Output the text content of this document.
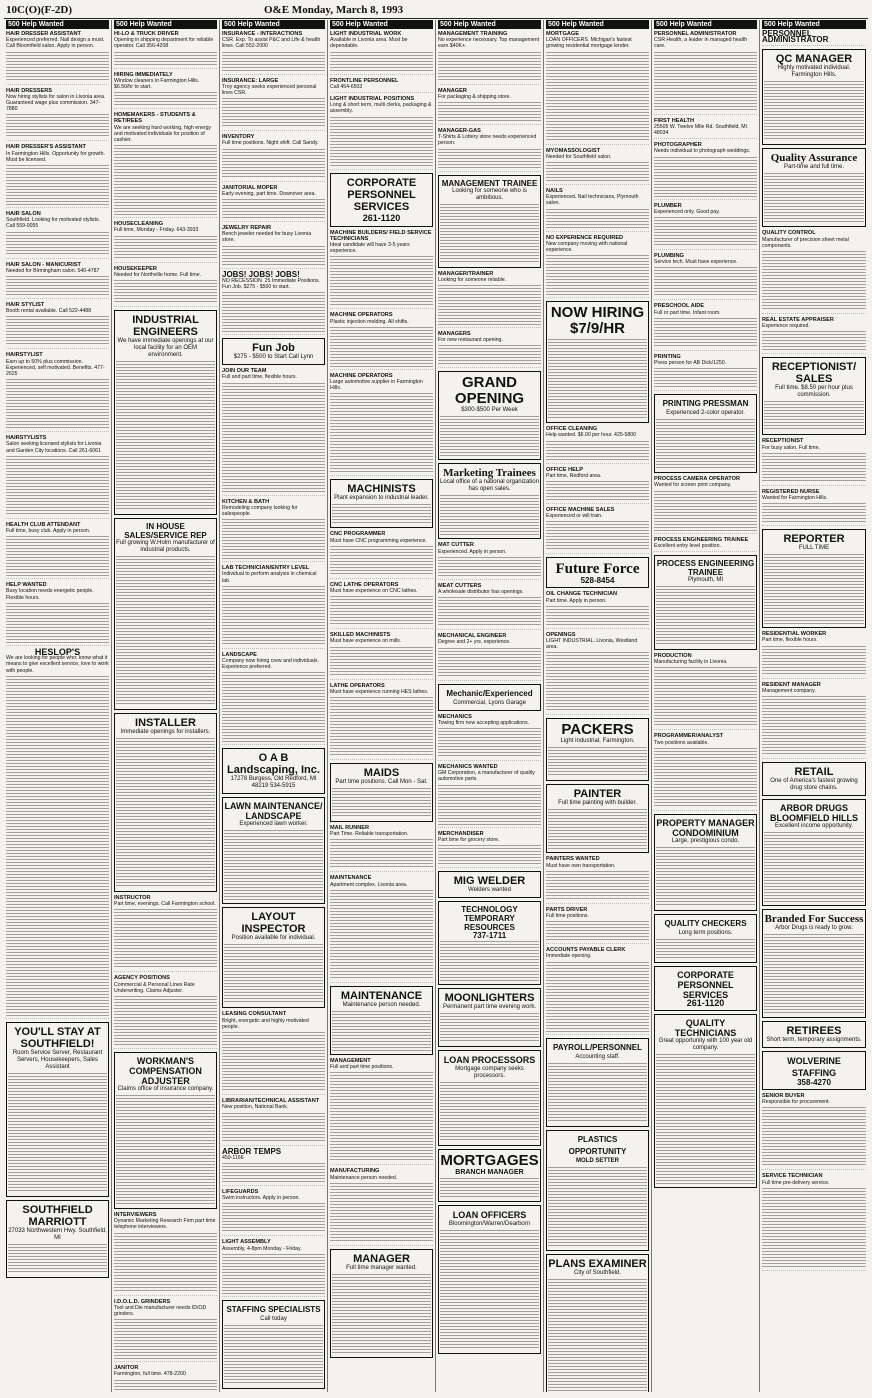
10C(O)(F-2D)	O&E Monday, March 8, 1993
500 Help Wanted
HAIR DRESSER ASSISTANT
Experienced preferred. Nail design a must. Call Bloomfield salon. Apply in person.
HAIR DRESSERS
Now hiring stylists for salon in Livonia area. Guaranteed wage plus commission. 347-7880
HAIR DRESSER'S ASSISTANT
In Farmington Hills. Opportunity for growth. Must be licensed.
HAIR SALON
Southfield. Looking for motivated stylists. Call 559-0055
HAIR SALON - MANICURIST
Needed for Birmingham salon. 540-4787
HAIR STYLIST
Booth rental available. Call 522-4488
HAIRSTYLIST
Earn up to 50% plus commission. Experienced, self motivated. Benefits. 477-2625
HAIRSTYLISTS
Salon seeking licensed stylists for Livonia and Garden City locations. Call 261-6061
HEALTH CLUB ATTENDANT
Full time, busy club. Apply in person.
HELP WANTED
Busy location needs energetic people. Flexible hours.
HESLOP'S
We are looking for people who: know what it means to give excellent service, love to work with people.
YOU'LL STAY AT SOUTHFIELD!
Room Service Server, Restaurant Servers, Housekeepers, Sales Assistant
SOUTHFIELD MARRIOTT
27033 Northwestern Hwy. Southfield, MI
500 Help Wanted
HI-LO & TRUCK DRIVER
Opening in shipping department for reliable operator. Call 356-4208
HIRING IMMEDIATELY
Window cleaners in Farmington Hills. $6.50/hr to start.
HOMEMAKERS - STUDENTS & RETIREES
We are seeking hard working, high energy and motivated individuals for position of cashier.
HOUSECLEANING
Full time, Monday - Friday. 643-3933
HOUSEKEEPER
Needed for Northville home. Full time.
INDUSTRIAL ENGINEERS
We have immediate openings at our local facility for an OEM environment.
IN HOUSE SALES/SERVICE REP
Full growing W.Holm manufacturer of industrial products.
INSTALLER
Immediate openings for installers.
INSTRUCTOR
Part time, evenings. Call Farmington school.
AGENCY POSITIONS
Commercial & Personal Lines Rate Underwriting. Claims Adjuster.
WORKMAN'S COMPENSATION ADJUSTER
Claims office of insurance company.
INTERVIEWERS
Dynamic Marketing Research Firm part time telephone interviewers.
I.D.O.L.D. GRINDERS
Tool and Die manufacturer needs ID/OD grinders.
JANITOR
Farmington, full time. 478-2200
500 Help Wanted
INSURANCE - INTERACTIONS
CSR. Exp. To assist P&C and Life & health lines. Call 552-2000
INSURANCE: LARGE
Troy agency seeks experienced personal lines CSR.
INVENTORY
Full time positions. Night shift. Call Sandy.
JANITORIAL MOPER
Early evening, part time. Downriver area.
JEWELRY REPAIR
Bench jeweler needed for busy Livonia store.
JOBS! JOBS! JOBS!
NO RECESSION. 25 Immediate Positions. Fun Job. $275 - $500 to start.
Fun Job
$275 - $500 to Start Call Lynn
JOIN OUR TEAM
Full and part time, flexible hours.
KITCHEN & BATH
Remodeling company looking for salespeople.
LAB TECHNICIAN/ENTRY LEVEL
Individual to perform analysis in chemical lab.
LANDSCAPE
Company now hiring crew and individuals. Experience preferred.
O A B Landscaping, Inc.
17278 Burgess, Old Redford, MI 48219 534-5915
LAWN MAINTENANCE/ LANDSCAPE
Experienced lawn worker.
LAYOUT INSPECTOR
Position available for individual.
LEASING CONSULTANT
Bright, energetic and highly motivated people.
LIBRARIAN/TECHNICAL ASSISTANT
New position, National Bank.
ARBOR TEMPS
459-1166
LIFEGUARDS
Swim instructors. Apply in person.
LIGHT ASSEMBLY
Assembly, 4-8pm Monday - Friday.
STAFFING SPECIALISTS
Call today
500 Help Wanted
LIGHT INDUSTRIAL WORK
Available in Livonia area. Must be dependable.
FRONTLINE PERSONNEL
Call 454-6503
LIGHT INDUSTRIAL POSITIONS
Long & short term, multi clerks, packaging & assembly.
CORPORATE PERSONNEL SERVICES
261-1120
MACHINE BUILDERS/ FIELD SERVICE TECHNICIANS
Ideal candidate will have 3-5 years experience.
MACHINE OPERATORS
Plastic injection molding. All shifts.
MACHINE OPERATORS
Large automotive supplier in Farmington Hills.
MACHINISTS
Plant expansion to industrial leader.
CNC PROGRAMMER
Must have CNC programming experience.
CNC LATHE OPERATORS
Must have experience on CNC lathes.
SKILLED MACHINISTS
Must have experience on mills.
LATHE OPERATORS
Must have experience running HES lathes.
MAIDS
Part time positions. Call Mon - Sat.
MAIL RUNNER
Part Time. Reliable transportation.
MAINTENANCE
Apartment complex. Livonia area.
MAINTENANCE
Maintenance person needed.
MANAGEMENT
Full and part time positions.
MANUFACTURING
Maintenance person needed.
MANAGER
Full time manager wanted.
500 Help Wanted
MANAGEMENT TRAINING
No experience necessary. Top management earn $40K+.
MANAGER
For packaging & shipping store.
MANAGER-GAS
T-Shirts & Lottery store needs experienced person.
MANAGEMENT TRAINEE
Looking for someone who is ambitious.
MANAGER/TRAINER
Looking for someone reliable.
MANAGERS
For new restaurant opening.
GRAND OPENING
$300-$500 Per Week
Marketing Trainees
Local office of a national organization has open sales.
MAT CUTTER
Experienced. Apply in person.
MEAT CUTTERS
A wholesale distributor has openings.
MECHANICAL ENGINEER
Degree and 2+ yrs. experience.
Mechanic/Experienced
Commercial, Lyons Garage
MECHANICS
Towing firm now accepting applications.
MECHANICS WANTED
GM Corporation, a manufacturer of quality automotive parts.
MERCHANDISER
Part time for grocery store.
MIG WELDER
Welders wanted
TECHNOLOGY TEMPORARY RESOURCES
737-1711
MOONLIGHTERS
Permanent part time evening work.
LOAN PROCESSORS
Mortgage company seeks processors.
MORTGAGES
BRANCH MANAGER
LOAN OFFICERS
Bloomington/Warren/Dearborn
500 Help Wanted
MORTGAGE
LOAN OFFICERS. Michigan's fastest growing residential mortgage lender.
MYOMASSOLOGIST
Needed for Southfield salon.
NAILS
Experienced. Nail technicians, Plymouth salon.
NO EXPERIENCE REQUIRED
New company moving with national experience.
NOW HIRING
$7/9/HR
OFFICE CLEANING
Help wanted. $6.00 per hour. 425-5800
OFFICE HELP
Part time, Redford area.
OFFICE MACHINE SALES
Experienced or will train.
Future Force
528-8454
OIL CHANGE TECHNICIAN
Part time. Apply in person.
OPENINGS
LIGHT INDUSTRIAL. Livonia, Westland area.
PACKERS
Light industrial, Farmington.
PAINTER
Full time painting with builder.
PAINTERS WANTED
Must have own transportation.
PARTS DRIVER
Full time positions.
ACCOUNTS PAYABLE CLERK
Immediate opening.
PAYROLL/PERSONNEL
Accounting staff.
PLASTICS OPPORTUNITY
MOLD SETTER
PLANS EXAMINER
City of Southfield.
500 Help Wanted
PERSONNEL ADMINISTRATOR
CSR Health, a leader in managed health care.
FIRST HEALTH
25505 W. Twelve Mile Rd. Southfield, MI 48034
PHOTOGRAPHER
Needs individual to photograph weddings.
PLUMBER
Experienced only. Good pay.
PLUMBING
Service tech. Must have experience.
PRESCHOOL AIDE
Full or part time. Infant room.
PRINTING
Press person for AB Dick/1250.
PRINTING PRESSMAN
Experienced 2-color operator.
PROCESS CAMERA OPERATOR
Wanted for screen print company.
PROCESS ENGINEERING TRAINEE
Excellent entry level position.
PROCESS ENGINEERING TRAINEE
Plymouth, MI
PRODUCTION
Manufacturing facility in Livonia.
PROGRAMMER/ANALYST
Two positions available.
PROPERTY MANAGER CONDOMINIUM
Large, prestigious condo.
QUALITY CHECKERS
Long term positions.
CORPORATE PERSONNEL SERVICES
261-1120
QUALITY TECHNICIANS
Great opportunity with 100 year old company.
500 Help Wanted
PERSONNEL ADMINISTRATOR
QC MANAGER
Highly motivated individual. Farmington Hills.
Quality Assurance
Part-time and full time.
QUALITY CONTROL
Manufacturer of precision sheet metal components.
REAL ESTATE APPRAISER
Experience required.
RECEPTIONIST/ SALES
Full time. $8.50 per hour plus commission.
RECEPTIONIST
For busy salon. Full time.
REGISTERED NURSE
Wanted for Farmington Hills.
REPORTER
FULL TIME
RESIDENTIAL WORKER
Part time, flexible hours.
RESIDENT MANAGER
Management company.
RETAIL
One of America's fastest growing drug store chains.
ARBOR DRUGS BLOOMFIELD HILLS
Excellent income opportunity.
Branded For Success
Arbor Drugs is ready to grow.
RETIREES
Short term, temporary assignments.
WOLVERINE STAFFING
358-4270
SENIOR BUYER
Responsible for procurement.
SERVICE TECHNICIAN
Full time pre-delivery service.
